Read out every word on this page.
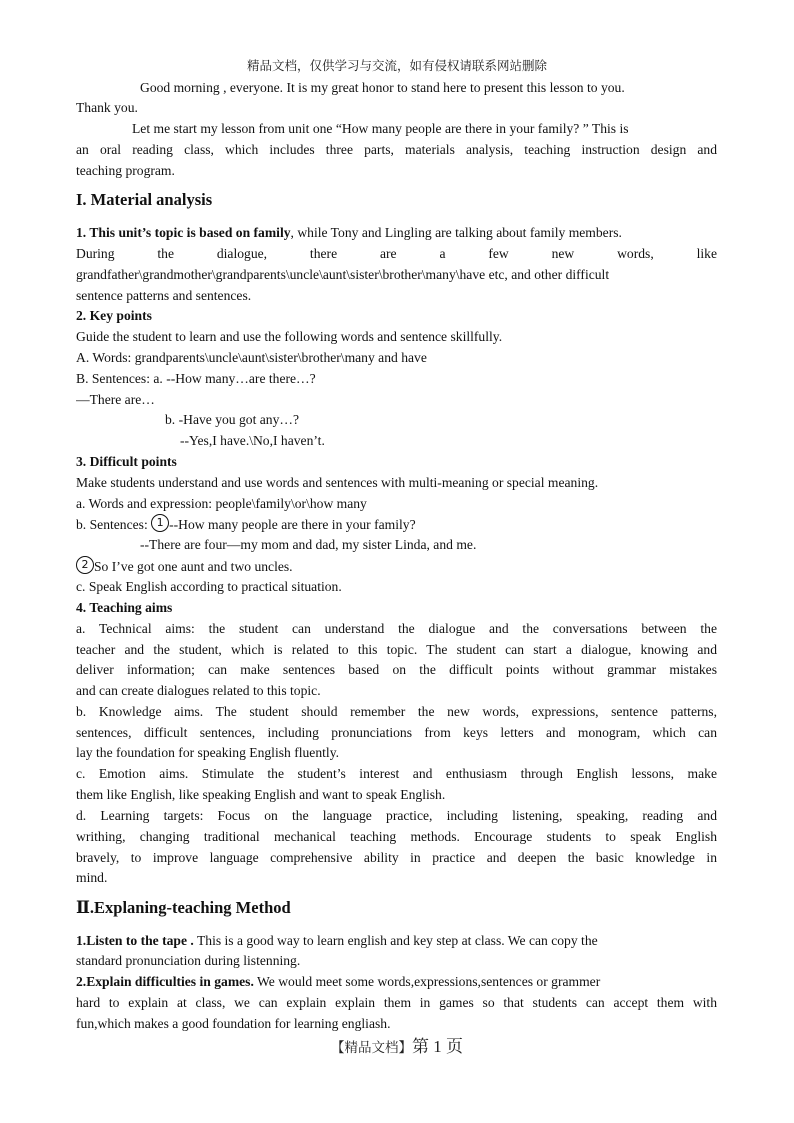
精品文档，仅供学习与交流，如有侵权请联系网站删除
Good morning , everyone. It is my great honor to stand here to present this lesson to you.
Thank you.
Let me start my lesson from unit one “How many people are there in your family? ” This is
an oral reading class, which includes three parts, materials analysis, teaching instruction design and
teaching program.
I. Material analysis
1. This unit’s topic is based on family, while Tony and Lingling are talking about family members.
During the dialogue, there are a few new words, like
grandfather\grandmother\grandparents\uncle\aunt\sister\brother\many\have etc, and other difficult
sentence patterns and sentences.
2. Key points
Guide the student to learn and use the following words and sentence skillfully.
A. Words: grandparents\uncle\aunt\sister\brother\many and have
B. Sentences: a. --How many…are there…?
—There are…
b. -Have you got any…?
--Yes,I have.\No,I haven’t.
3. Difficult points
Make students understand and use words and sentences with multi-meaning or special meaning.
a. Words and expression: people\family\or\how many
b. Sentences: 1 --How many people are there in your family?
--There are four—my mom and dad, my sister Linda, and me.
2 So I’ve got one aunt and two uncles.
c. Speak English according to practical situation.
4. Teaching aims
a. Technical aims: the student can understand the dialogue and the conversations between the
teacher and the student, which is related to this topic. The student can start a dialogue, knowing and
deliver information; can make sentences based on the difficult points without grammar mistakes
and can create dialogues related to this topic.
b. Knowledge aims. The student should remember the new words, expressions, sentence patterns,
sentences, difficult sentences, including pronunciations from keys letters and monogram, which can
lay the foundation for speaking English fluently.
c. Emotion aims. Stimulate the student’s interest and enthusiasm through English lessons, make
them like English, like speaking English and want to speak English.
d. Learning targets: Focus on the language practice, including listening, speaking, reading and
writhing, changing traditional mechanical teaching methods. Encourage students to speak English
bravely, to improve language comprehensive ability in practice and deepen the basic knowledge in
mind.
Ⅱ.Explaning-teaching Method
1.Listen to the tape . This is a good way to learn english and key step at class. We can copy the
standard pronunciation during listenning.
2.Explain difficulties in games. We would meet some words,expressions,sentences or grammer
hard to explain at class, we can explain explain them in games so that students can accept them with
fun,which makes a good foundation for learning engliash.
【精品文档】第 1 页
